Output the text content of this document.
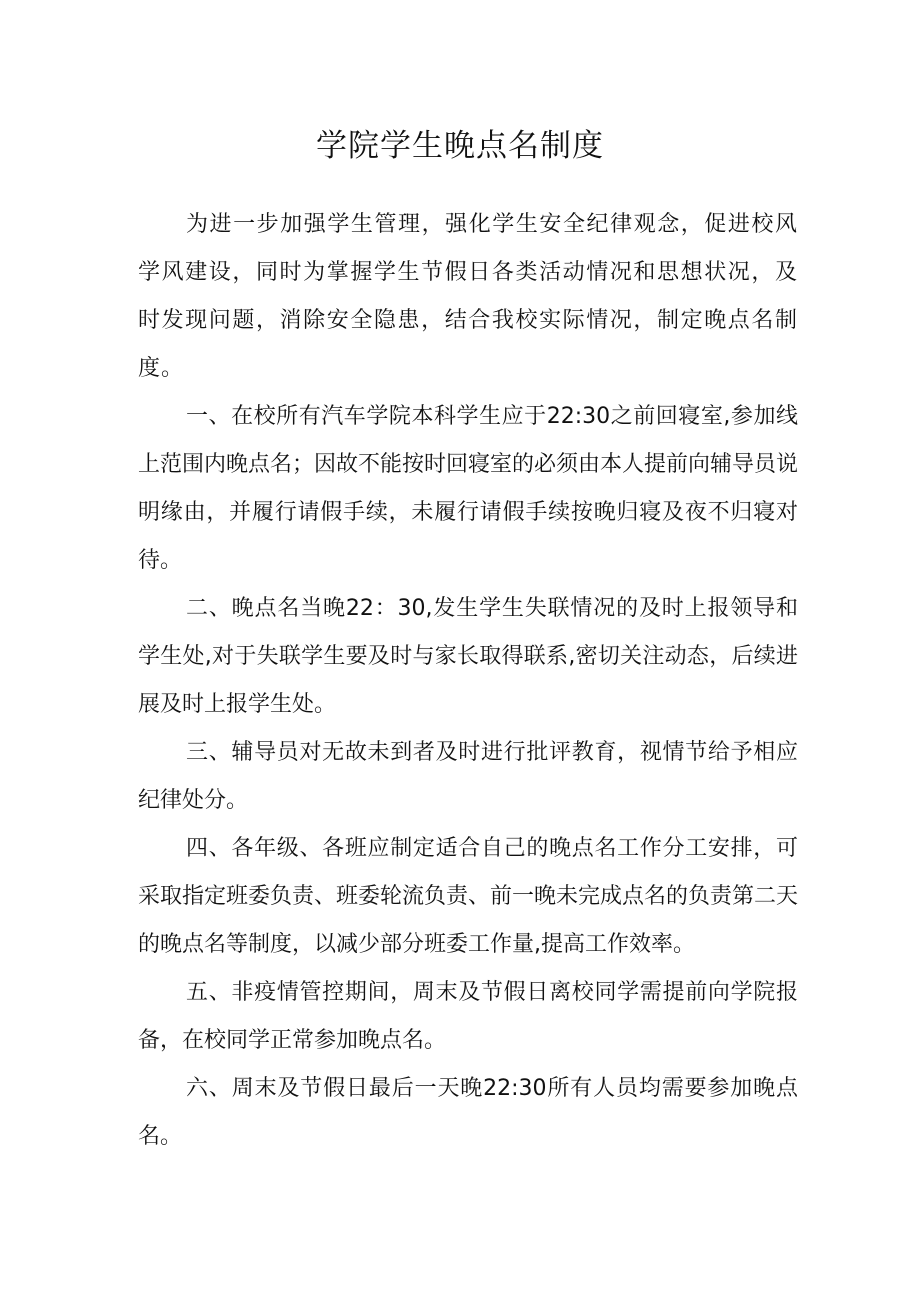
学院学生晚点名制度

为进一步加强学生管理，强化学生安全纪律观念，促进校风学风建设，同时为掌握学生节假日各类活动情况和思想状况，及时发现问题，消除安全隐患，结合我校实际情况，制定晚点名制度。

一、在校所有汽车学院本科学生应于22:30之前回寝室,参加线上范围内晚点名；因故不能按时回寝室的必须由本人提前向辅导员说明缘由，并履行请假手续，未履行请假手续按晚归寝及夜不归寝对待。

二、晚点名当晚22：30,发生学生失联情况的及时上报领导和学生处,对于失联学生要及时与家长取得联系,密切关注动态，后续进展及时上报学生处。

三、辅导员对无故未到者及时进行批评教育，视情节给予相应纪律处分。

四、各年级、各班应制定适合自己的晚点名工作分工安排，可采取指定班委负责、班委轮流负责、前一晚未完成点名的负责第二天的晚点名等制度，以减少部分班委工作量,提高工作效率。

五、非疫情管控期间，周末及节假日离校同学需提前向学院报备，在校同学正常参加晚点名。

六、周末及节假日最后一天晚22:30所有人员均需要参加晚点名。
